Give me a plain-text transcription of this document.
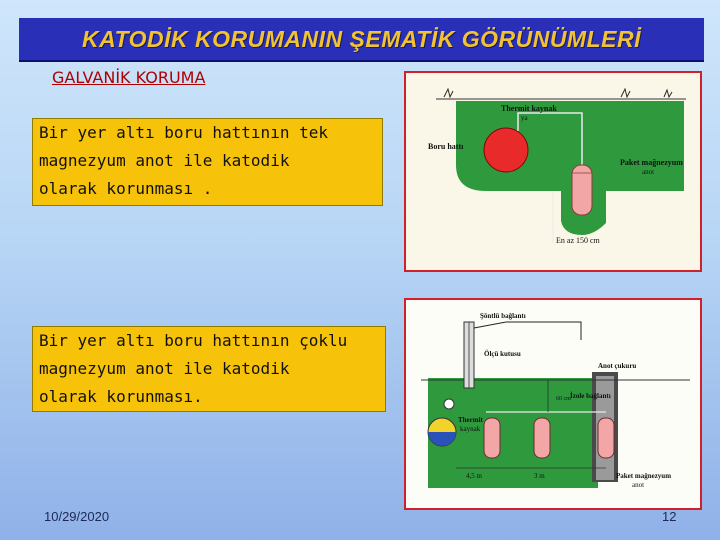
KATODİK KORUMANIN ŞEMATİK GÖRÜNÜMLERİ
GALVANİK KORUMA
Bir yer altı boru hattının tek
magnezyum anot ile katodik
olarak korunması .
Bir yer altı boru hattının çoklu
magnezyum anot ile katodik
olarak korunması.
Thermit kaynak
ya
Boru hattı
Paket mağnezyum
anot
En az 150 cm
Şöntlü bağlantı
Ölçü kutusu
Anot çukuru
İzole bağlantı
60 cm
Thermit
kaynak
4,5 m	3 m	Paket mağnezyum
anot
10/29/2020	12
